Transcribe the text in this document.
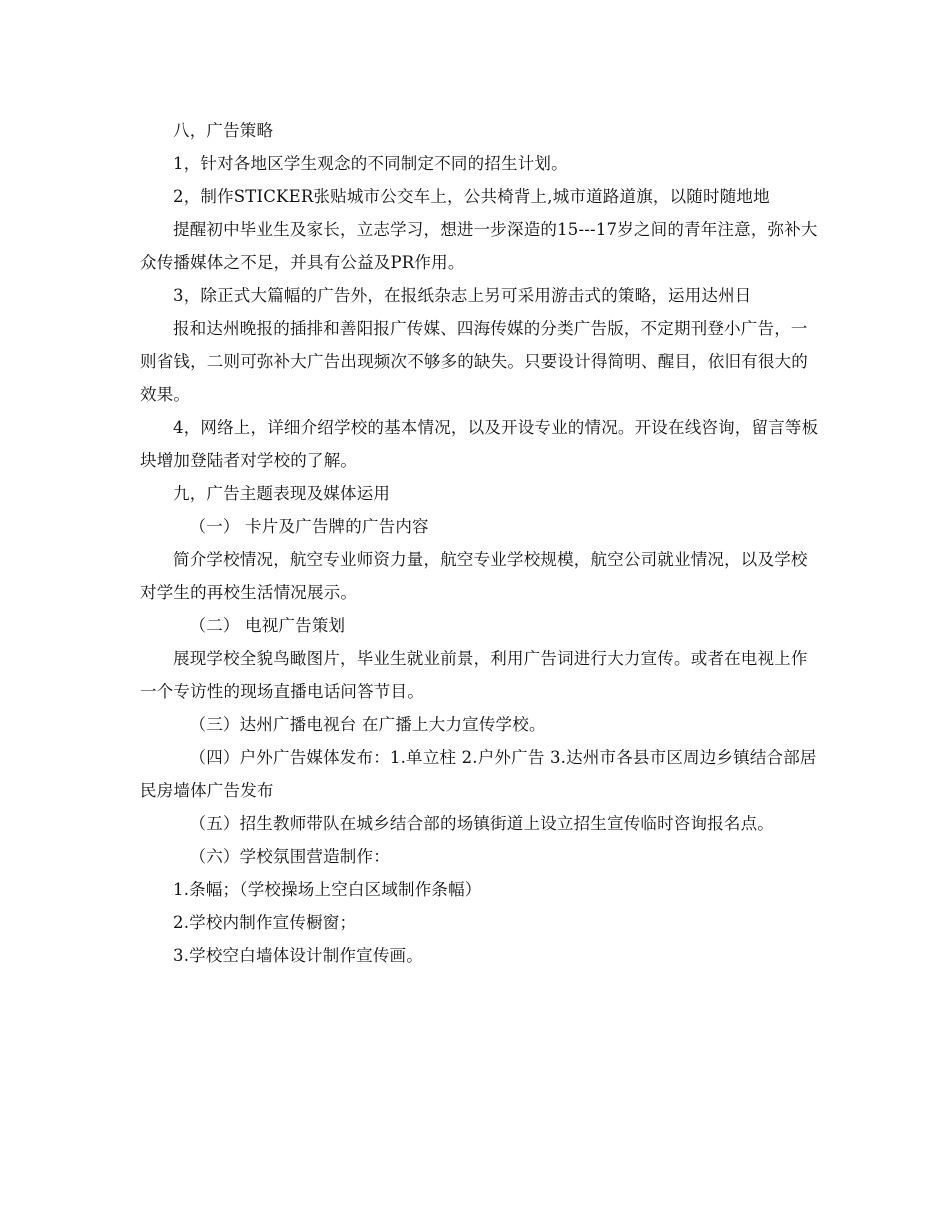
八，广告策略

1，针对各地区学生观念的不同制定不同的招生计划。

2，制作STICKER张贴城市公交车上，公共椅背上,城市道路道旗，以随时随地地

提醒初中毕业生及家长，立志学习，想进一步深造的15---17岁之间的青年注意，弥补大众传播媒体之不足，并具有公益及PR作用。

3，除正式大篇幅的广告外，在报纸杂志上另可采用游击式的策略，运用达州日

报和达州晚报的插排和善阳报广传媒、四海传媒的分类广告版，不定期刊登小广告，一则省钱，二则可弥补大广告出现频次不够多的缺失。只要设计得简明、醒目，依旧有很大的效果。

4，网络上，详细介绍学校的基本情况，以及开设专业的情况。开设在线咨询，留言等板块增加登陆者对学校的了解。

九，广告主题表现及媒体运用

（一） 卡片及广告牌的广告内容

简介学校情况，航空专业师资力量，航空专业学校规模，航空公司就业情况，以及学校对学生的再校生活情况展示。

（二） 电视广告策划

展现学校全貌鸟瞰图片，毕业生就业前景，利用广告词进行大力宣传。或者在电视上作一个专访性的现场直播电话问答节目。

（三）达州广播电视台 在广播上大力宣传学校。

（四）户外广告媒体发布：1.单立柱 2.户外广告 3.达州市各县市区周边乡镇结合部居民房墙体广告发布

（五）招生教师带队在城乡结合部的场镇街道上设立招生宣传临时咨询报名点。

（六）学校氛围营造制作：

1.条幅；（学校操场上空白区域制作条幅）

2.学校内制作宣传橱窗；

3.学校空白墙体设计制作宣传画。
